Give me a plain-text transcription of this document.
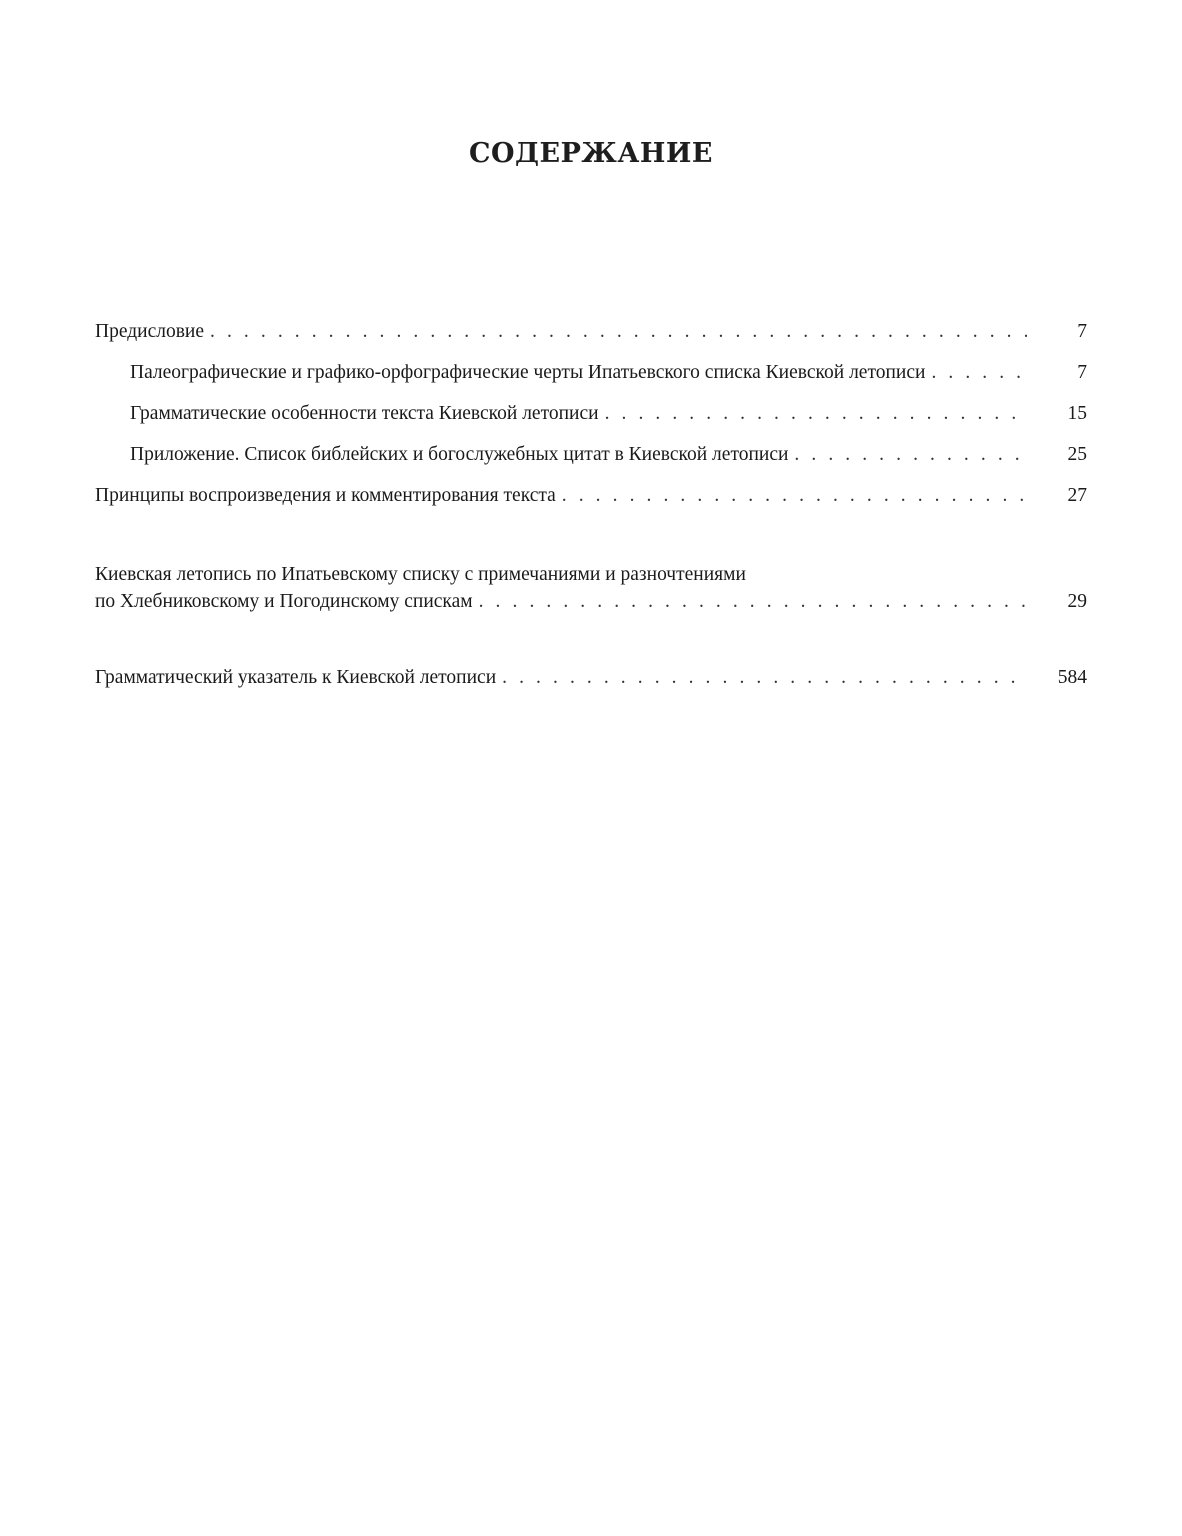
СОДЕРЖАНИЕ
Предисловие . . .	7
Палеографические и графико-орфографические черты Ипатьевского списка Киевской летописи . . .	7
Грамматические особенности текста Киевской летописи . . .	15
Приложение. Список библейских и богослужебных цитат в Киевской летописи . . .	25
Принципы воспроизведения и комментирования текста . . .	27
Киевская летопись по Ипатьевскому списку с примечаниями и разночтениями
по Хлебниковскому и Погодинскому спискам . . .	29
Грамматический указатель к Киевской летописи . . .	584
